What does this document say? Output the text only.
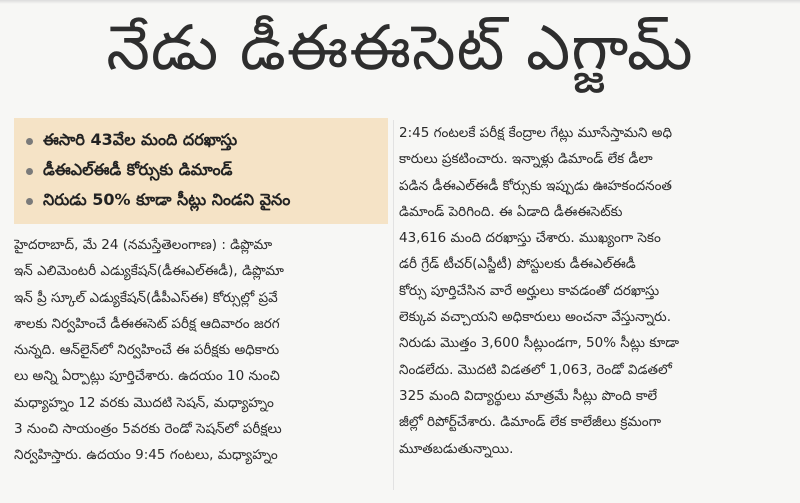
నేడు డీఈఈసెట్ ఎగ్జామ్
ఈసారి 43వేల మంది దరఖాస్తు
డీఈఎల్ఈడీ కోర్సుకు డిమాండ్
నిరుడు 50% కూడా సీట్లు నిండని వైనం
హైదరాబాద్, మే 24 (నమస్తేతెలంగాణ) : డిప్లొమా
ఇన్ ఎలిమెంటరీ ఎడ్యుకేషన్(డీఈఎల్ఈడీ), డిప్లొమా
ఇన్ ప్రీ స్కూల్ ఎడ్యుకేషన్(డీపీఎస్ఈ) కోర్సుల్లో ప్రవే
శాలకు నిర్వహించే డీఈఈసెట్ పరీక్ష ఆదివారం జరగ
నున్నది. ఆన్‌లైన్‌లో నిర్వహించే ఈ పరీక్షకు అధికారు
లు అన్ని ఏర్పాట్లు పూర్తిచేశారు. ఉదయం 10 నుంచి
మధ్యాహ్నం 12 వరకు మొదటి సెషన్, మధ్యాహ్నం
3 నుంచి సాయంత్రం 5వరకు రెండో సెషన్‌లో పరీక్షలు
నిర్వహిస్తారు. ఉదయం 9:45 గంటలు, మధ్యాహ్నం
2:45 గంటలకే పరీక్ష కేంద్రాల గేట్లు మూసేస్తామని అధి
కారులు ప్రకటించారు. ఇన్నాళ్లు డిమాండ్ లేక డీలా
పడిన డీఈఎల్ఈడీ కోర్సుకు ఇప్పుడు ఊహకందనంత
డిమాండ్ పెరిగింది. ఈ ఏడాది డీఈఈసెట్‌కు
43,616 మంది దరఖాస్తు చేశారు. ముఖ్యంగా సెకం
డరీ గ్రేడ్ టీచర్(ఎస్జీటీ) పోస్టులకు డీఈఎల్ఈడీ
కోర్సు పూర్తిచేసిన వారే అర్హులు కావడంతో దరఖాస్తు
లెక్కువ వచ్చాయని అధికారులు అంచనా వేస్తున్నారు.
నిరుడు మొత్తం 3,600 సీట్లుండగా, 50% సీట్లు కూడా
నిండలేదు. మొదటి విడతలో 1,063, రెండో విడతలో
325 మంది విద్యార్థులు మాత్రమే సీట్లు పొంది కాలే
జీల్లో రిపోర్ట్‌చేశారు. డిమాండ్ లేక కాలేజీలు క్రమంగా
మూతబడుతున్నాయి.
